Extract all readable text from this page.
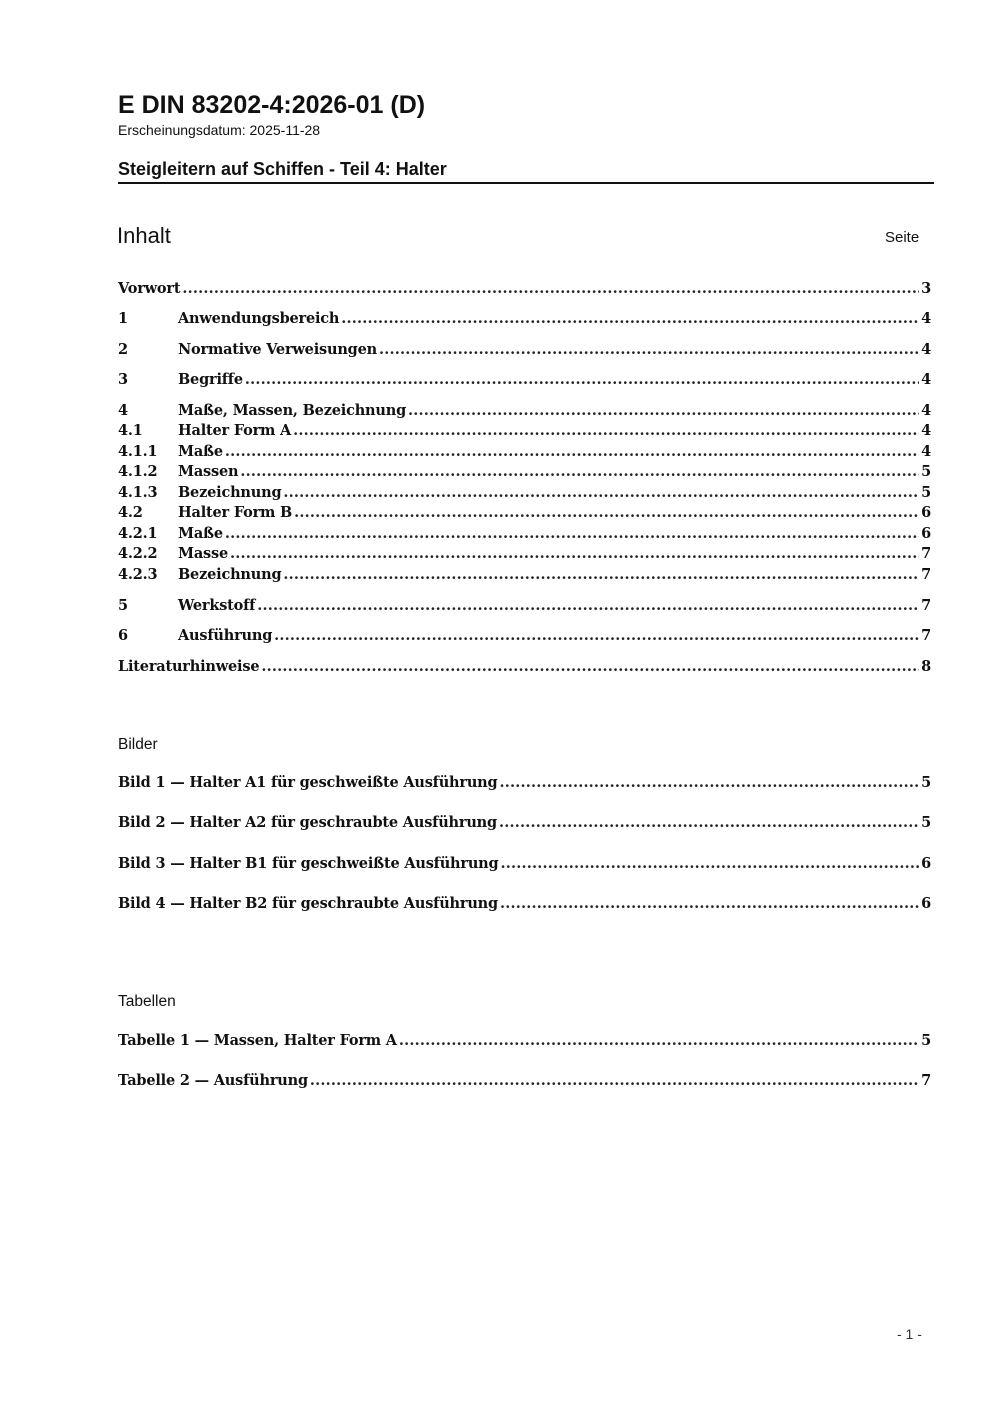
E DIN 83202-4:2026-01 (D)
Erscheinungsdatum: 2025-11-28
Steigleitern auf Schiffen - Teil 4: Halter
Inhalt	Seite
Vorwort .....	3
1	Anwendungsbereich .....	4
2	Normative Verweisungen .....	4
3	Begriffe .....	4
4	Maße, Massen, Bezeichnung .....	4
4.1	Halter Form A .....	4
4.1.1	Maße .....	4
4.1.2	Massen .....	5
4.1.3	Bezeichnung .....	5
4.2	Halter Form B .....	6
4.2.1	Maße .....	6
4.2.2	Masse .....	7
4.2.3	Bezeichnung .....	7
5	Werkstoff .....	7
6	Ausführung .....	7
Literaturhinweise .....	8
Bilder
Bild 1 — Halter A1 für geschweißte Ausführung .....	5
Bild 2 — Halter A2 für geschraubte Ausführung .....	5
Bild 3 — Halter B1 für geschweißte Ausführung .....	6
Bild 4 — Halter B2 für geschraubte Ausführung .....	6
Tabellen
Tabelle 1 — Massen, Halter Form A .....	5
Tabelle 2 — Ausführung .....	7
- 1 -
